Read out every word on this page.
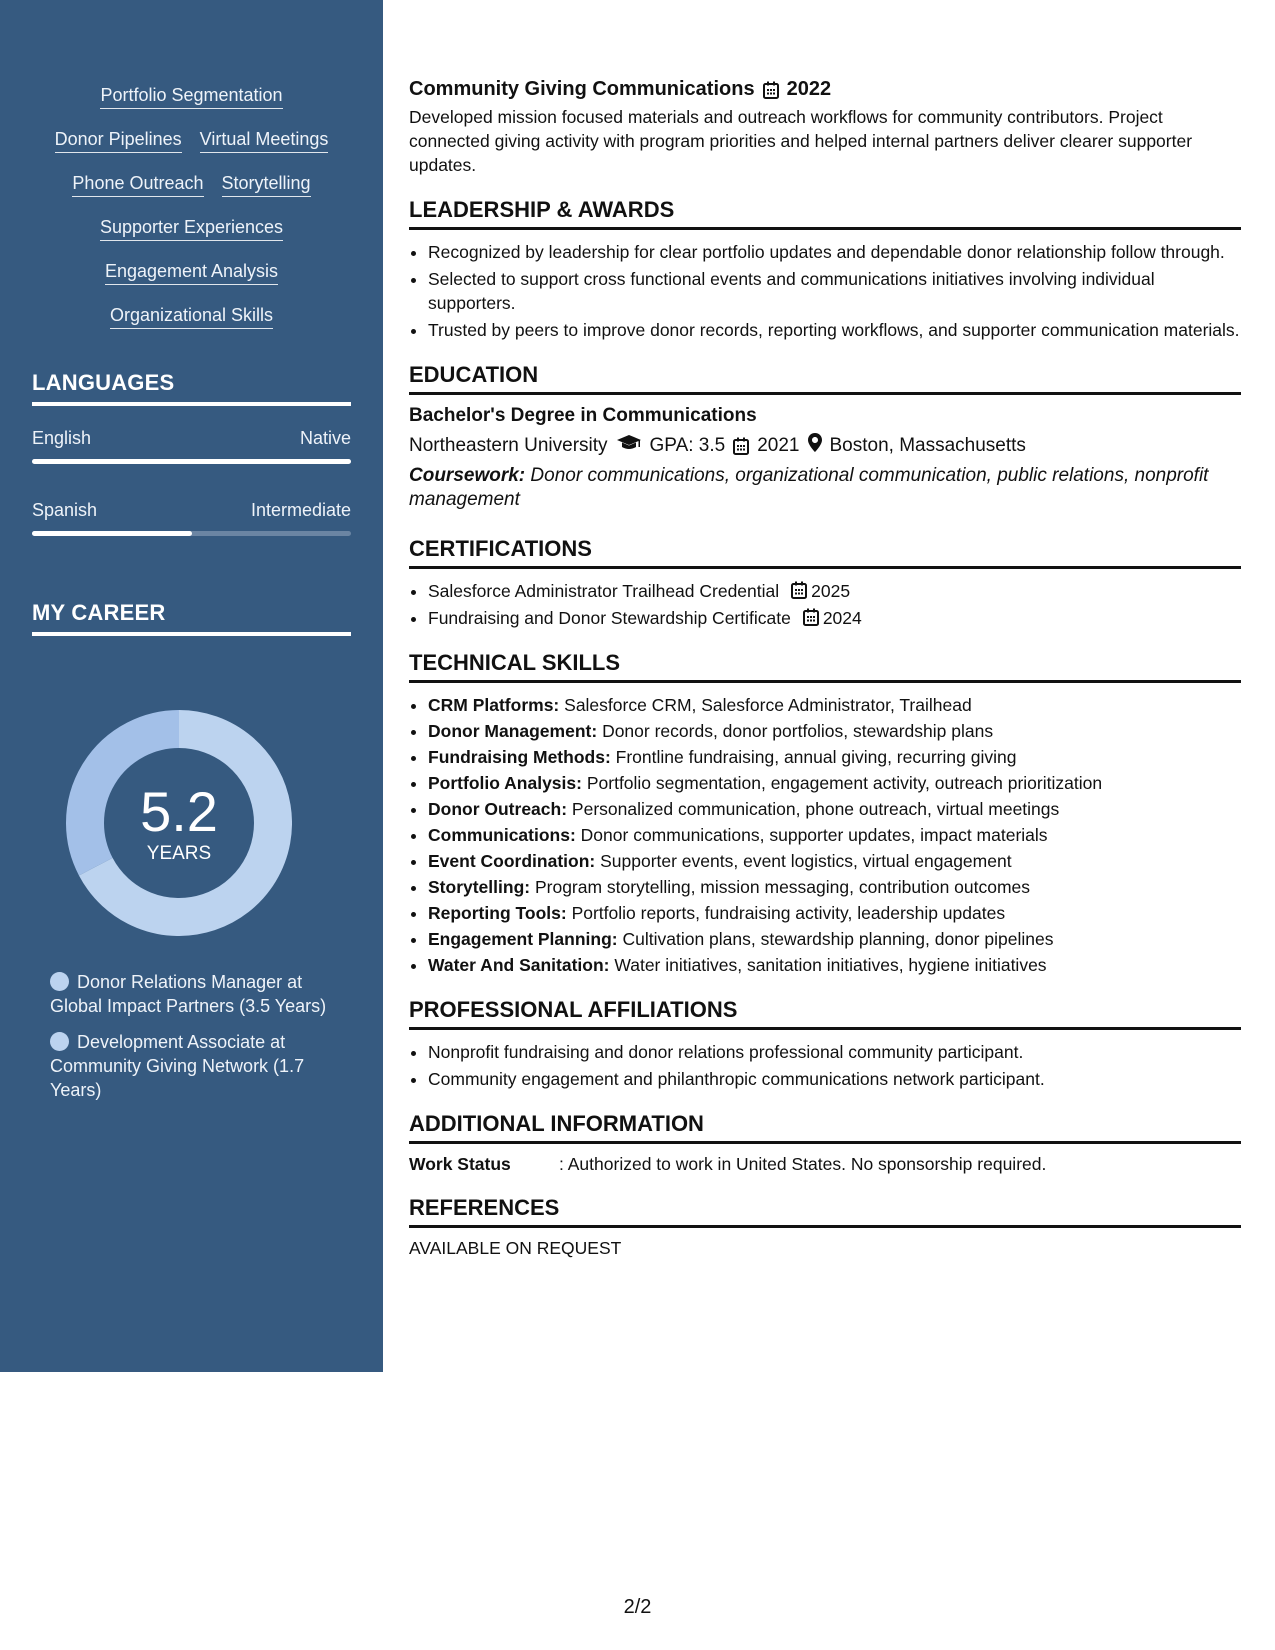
Portfolio Segmentation
Donor Pipelines Virtual Meetings
Phone Outreach Storytelling
Supporter Experiences
Engagement Analysis
Organizational Skills
LANGUAGES
English	Native
Spanish	Intermediate
MY CAREER
5.2
YEARS
Donor Relations Manager at Global Impact Partners (3.5 Years)
Development Associate at Community Giving Network (1.7 Years)
Community Giving Communications 2022
Developed mission focused materials and outreach workflows for community contributors. Project connected giving activity with program priorities and helped internal partners deliver clearer supporter updates.
LEADERSHIP & AWARDS
• Recognized by leadership for clear portfolio updates and dependable donor relationship follow through.
• Selected to support cross functional events and communications initiatives involving individual supporters.
• Trusted by peers to improve donor records, reporting workflows, and supporter communication materials.
EDUCATION
Bachelor's Degree in Communications
Northeastern University GPA: 3.5 2021 Boston, Massachusetts
Coursework: Donor communications, organizational communication, public relations, nonprofit management
CERTIFICATIONS
• Salesforce Administrator Trailhead Credential 2025
• Fundraising and Donor Stewardship Certificate 2024
TECHNICAL SKILLS
• CRM Platforms: Salesforce CRM, Salesforce Administrator, Trailhead
• Donor Management: Donor records, donor portfolios, stewardship plans
• Fundraising Methods: Frontline fundraising, annual giving, recurring giving
• Portfolio Analysis: Portfolio segmentation, engagement activity, outreach prioritization
• Donor Outreach: Personalized communication, phone outreach, virtual meetings
• Communications: Donor communications, supporter updates, impact materials
• Event Coordination: Supporter events, event logistics, virtual engagement
• Storytelling: Program storytelling, mission messaging, contribution outcomes
• Reporting Tools: Portfolio reports, fundraising activity, leadership updates
• Engagement Planning: Cultivation plans, stewardship planning, donor pipelines
• Water And Sanitation: Water initiatives, sanitation initiatives, hygiene initiatives
PROFESSIONAL AFFILIATIONS
• Nonprofit fundraising and donor relations professional community participant.
• Community engagement and philanthropic communications network participant.
ADDITIONAL INFORMATION
Work Status	: Authorized to work in United States. No sponsorship required.
REFERENCES
AVAILABLE ON REQUEST
2/2
